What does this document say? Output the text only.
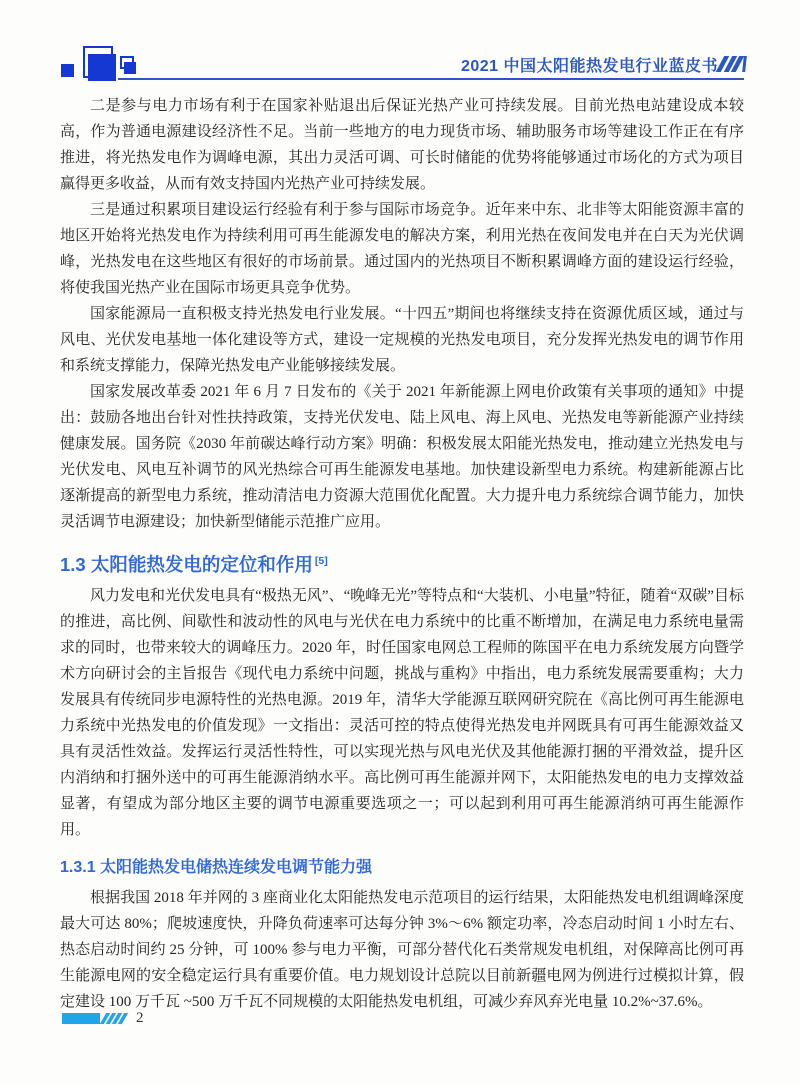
2021 中国太阳能热发电行业蓝皮书

二是参与电力市场有利于在国家补贴退出后保证光热产业可持续发展。目前光热电站建设成本较高，作为普通电源建设经济性不足。当前一些地方的电力现货市场、辅助服务市场等建设工作正在有序推进，将光热发电作为调峰电源，其出力灵活可调、可长时储能的优势将能够通过市场化的方式为项目赢得更多收益，从而有效支持国内光热产业可持续发展。

三是通过积累项目建设运行经验有利于参与国际市场竞争。近年来中东、北非等太阳能资源丰富的地区开始将光热发电作为持续利用可再生能源发电的解决方案，利用光热在夜间发电并在白天为光伏调峰，光热发电在这些地区有很好的市场前景。通过国内的光热项目不断积累调峰方面的建设运行经验，将使我国光热产业在国际市场更具竞争优势。

国家能源局一直积极支持光热发电行业发展。“十四五”期间也将继续支持在资源优质区域，通过与风电、光伏发电基地一体化建设等方式，建设一定规模的光热发电项目，充分发挥光热发电的调节作用和系统支撑能力，保障光热发电产业能够接续发展。

国家发展改革委 2021 年 6 月 7 日发布的《关于 2021 年新能源上网电价政策有关事项的通知》中提出：鼓励各地出台针对性扶持政策，支持光伏发电、陆上风电、海上风电、光热发电等新能源产业持续健康发展。国务院《2030 年前碳达峰行动方案》明确：积极发展太阳能光热发电，推动建立光热发电与光伏发电、风电互补调节的风光热综合可再生能源发电基地。加快建设新型电力系统。构建新能源占比逐渐提高的新型电力系统，推动清洁电力资源大范围优化配置。大力提升电力系统综合调节能力，加快灵活调节电源建设；加快新型储能示范推广应用。

1.3 太阳能热发电的定位和作用 [5]

风力发电和光伏发电具有“极热无风”、“晚峰无光”等特点和“大装机、小电量”特征，随着“双碳”目标的推进，高比例、间歇性和波动性的风电与光伏在电力系统中的比重不断增加，在满足电力系统电量需求的同时，也带来较大的调峰压力。2020 年，时任国家电网总工程师的陈国平在电力系统发展方向暨学术方向研讨会的主旨报告《现代电力系统中问题，挑战与重构》中指出，电力系统发展需要重构；大力发展具有传统同步电源特性的光热电源。2019 年，清华大学能源互联网研究院在《高比例可再生能源电力系统中光热发电的价值发现》一文指出：灵活可控的特点使得光热发电并网既具有可再生能源效益又具有灵活性效益。发挥运行灵活性特性，可以实现光热与风电光伏及其他能源打捆的平滑效益，提升区内消纳和打捆外送中的可再生能源消纳水平。高比例可再生能源并网下，太阳能热发电的电力支撑效益显著，有望成为部分地区主要的调节电源重要选项之一；可以起到利用可再生能源消纳可再生能源作用。

1.3.1 太阳能热发电储热连续发电调节能力强

根据我国 2018 年并网的 3 座商业化太阳能热发电示范项目的运行结果，太阳能热发电机组调峰深度最大可达 80%；爬坡速度快，升降负荷速率可达每分钟 3%～6% 额定功率，冷态启动时间 1 小时左右、热态启动时间约 25 分钟，可 100% 参与电力平衡，可部分替代化石类常规发电机组，对保障高比例可再生能源电网的安全稳定运行具有重要价值。电力规划设计总院以目前新疆电网为例进行过模拟计算，假定建设 100 万千瓦 ~500 万千瓦不同规模的太阳能热发电机组，可减少弃风弃光电量 10.2%~37.6%。

2
